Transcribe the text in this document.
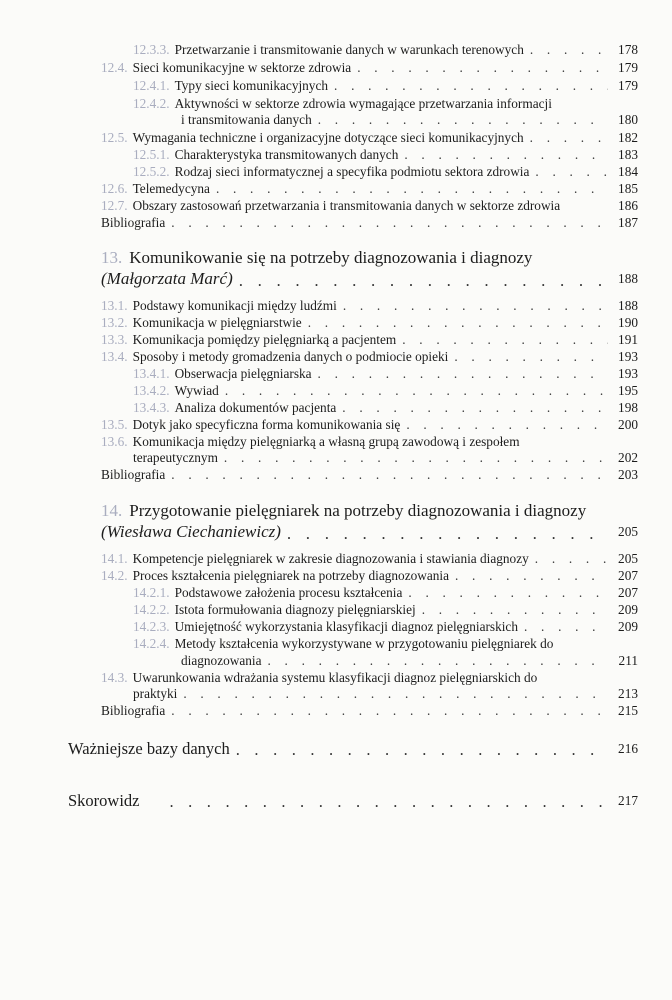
12.3.3. Przetwarzanie i transmitowanie danych w warunkach terenowych . . .	178
12.4. Sieci komunikacyjne w sektorze zdrowia . . .	179
12.4.1. Typy sieci komunikacyjnych . . .	179
12.4.2. Aktywności w sektorze zdrowia wymagające przetwarzania informacji
i transmitowania danych . . .	180
12.5. Wymagania techniczne i organizacyjne dotyczące sieci komunikacyjnych . . .	182
12.5.1. Charakterystyka transmitowanych danych . . .	183
12.5.2. Rodzaj sieci informatycznej a specyfika podmiotu sektora zdrowia . . .	184
12.6. Telemedycyna . . .	185
12.7. Obszary zastosowań przetwarzania i transmitowania danych w sektorze zdrowia	186
Bibliografia . . .	187
13. Komunikowanie się na potrzeby diagnozowania i diagnozy
(Małgorzata Marć) . . .	188
13.1. Podstawy komunikacji między ludźmi . . .	188
13.2. Komunikacja w pielęgniarstwie . . .	190
13.3. Komunikacja pomiędzy pielęgniarką a pacjentem . . .	191
13.4. Sposoby i metody gromadzenia danych o podmiocie opieki . . .	193
13.4.1. Obserwacja pielęgniarska . . .	193
13.4.2. Wywiad . . .	195
13.4.3. Analiza dokumentów pacjenta . . .	198
13.5. Dotyk jako specyficzna forma komunikowania się . . .	200
13.6. Komunikacja między pielęgniarką a własną grupą zawodową i zespołem
terapeutycznym . . .	202
Bibliografia . . .	203
14. Przygotowanie pielęgniarek na potrzeby diagnozowania i diagnozy
(Wiesława Ciechaniewicz) . . .	205
14.1. Kompetencje pielęgniarek w zakresie diagnozowania i stawiania diagnozy . . .	205
14.2. Proces kształcenia pielęgniarek na potrzeby diagnozowania . . .	207
14.2.1. Podstawowe założenia procesu kształcenia . . .	207
14.2.2. Istota formułowania diagnozy pielęgniarskiej . . .	209
14.2.3. Umiejętność wykorzystania klasyfikacji diagnoz pielęgniarskich . . .	209
14.2.4. Metody kształcenia wykorzystywane w przygotowaniu pielęgniarek do
diagnozowania . . .	211
14.3. Uwarunkowania wdrażania systemu klasyfikacji diagnoz pielęgniarskich do
praktyki . . .	213
Bibliografia . . .	215
Ważniejsze bazy danych . . .	216
Skorowidz . . .	217
